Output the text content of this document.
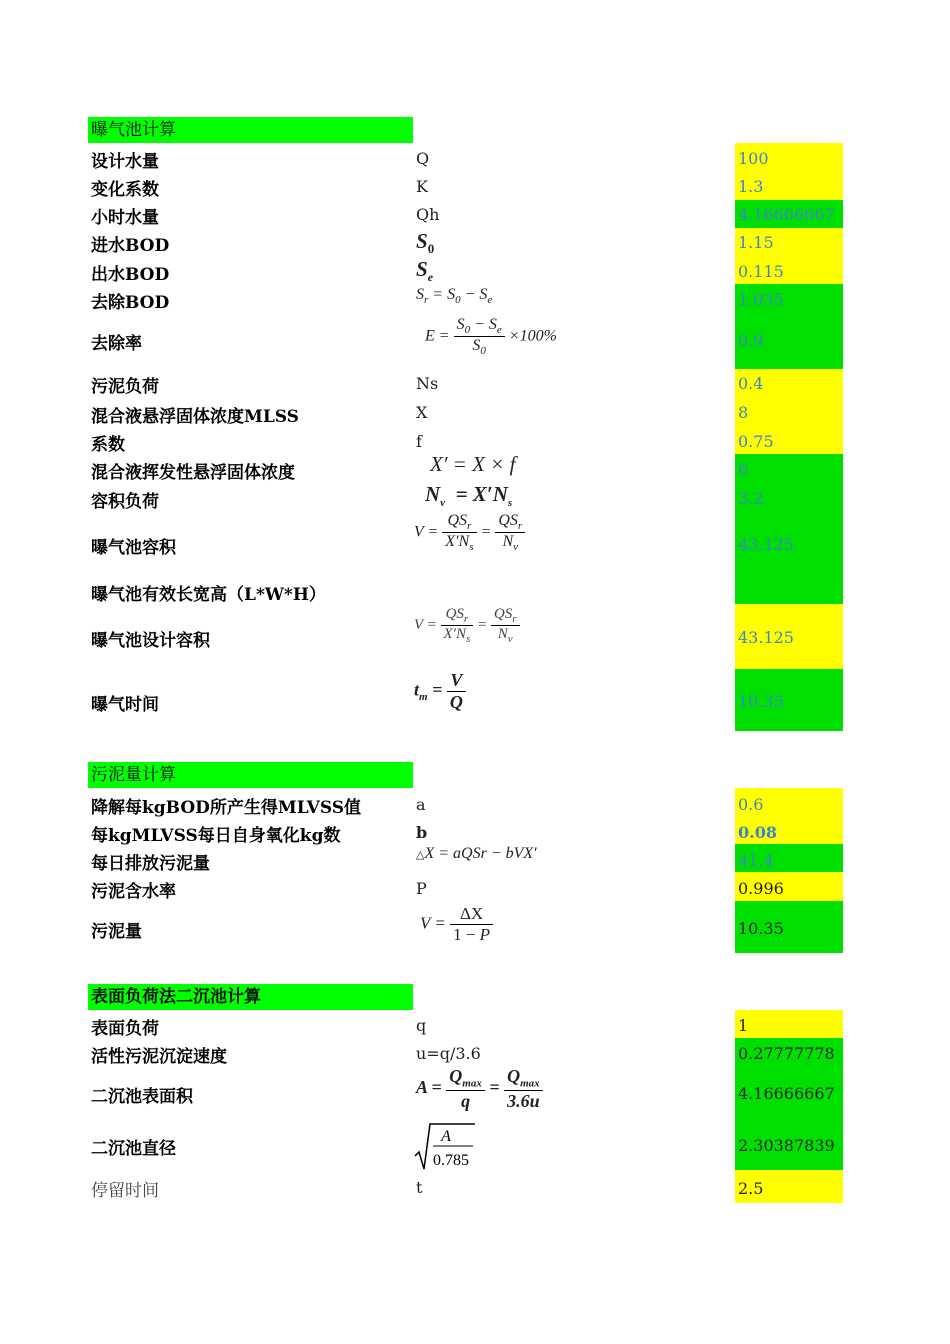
曝气池计算
设计水量
变化系数
小时水量
进水BOD
出水BOD
去除BOD
去除率
污泥负荷
混合液悬浮固体浓度MLSS
系数
混合液挥发性悬浮固体浓度
容积负荷
曝气池容积
曝气池有效长宽高（L*W*H）
曝气池设计容积
曝气时间
Q
K
Qh
$S_0$
$S_e$
$S_r = S_0 - S_e$
$E = \frac{S_0 - S_e}{S_0} \times 100\%$
Ns
X
f
X′ = X × f
$N_v = X'N_s$
$V = \frac{QS_r}{X'N_s} = \frac{QS_r}{N_v}$
$V = \frac{QS_r}{X'N_s} = \frac{QS_r}{N_v}$
$t_m = \frac{V}{Q}$
100
1.3
4.16666667
1.15
0.115
1.035
0.9
0.4
8
0.75
6
3.2
43.125
43.125
10.35
污泥量计算
降解每kgBOD所产生得MLVSS值
每kgMLVSS每日自身氧化kg数
每日排放污泥量
污泥含水率
污泥量
a
b
△X = aQSr − bVX′
P
$V = \frac{\Delta X}{1 - P}$
0.6
0.08
41.4
0.996
10.35
表面负荷法二沉池计算
表面负荷
活性污泥沉淀速度
二沉池表面积
二沉池直径
停留时间
q
u=q/3.6
$A = \frac{Q_{max}}{q} = \frac{Q_{max}}{3.6u}$
A
0.785
t
1
0.27777778
4.16666667
2.30387839
2.5
